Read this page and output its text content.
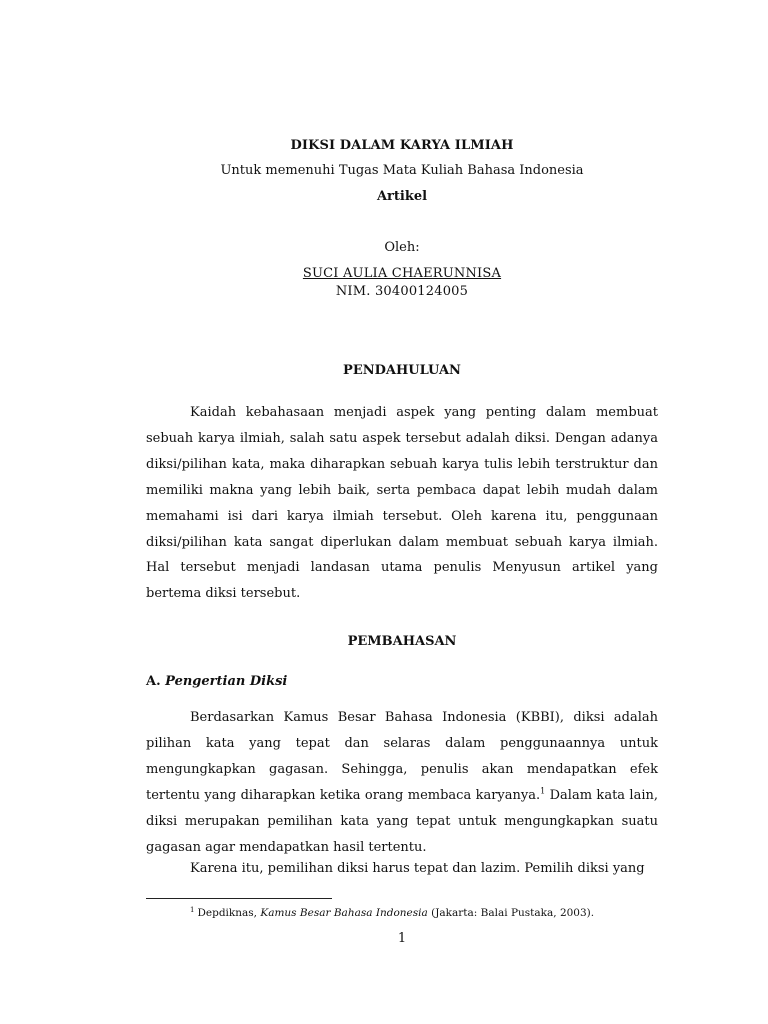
DIKSI DALAM KARYA ILMIAH
Untuk memenuhi Tugas Mata Kuliah Bahasa Indonesia
Artikel
Oleh:
SUCI AULIA CHAERUNNISA
NIM. 30400124005
PENDAHULUAN

Kaidah kebahasaan menjadi aspek yang penting dalam membuat sebuah karya ilmiah, salah satu aspek tersebut adalah diksi. Dengan adanya diksi/pilihan kata, maka diharapkan sebuah karya tulis lebih terstruktur dan memiliki makna yang lebih baik, serta pembaca dapat lebih mudah dalam memahami isi dari karya ilmiah tersebut. Oleh karena itu, penggunaan diksi/pilihan kata sangat diperlukan dalam membuat sebuah karya ilmiah. Hal tersebut menjadi landasan utama penulis Menyusun artikel yang bertema diksi tersebut.

PEMBAHASAN
A. Pengertian Diksi

Berdasarkan Kamus Besar Bahasa Indonesia (KBBI), diksi adalah pilihan kata yang tepat dan selaras dalam penggunaannya untuk mengungkapkan gagasan. Sehingga, penulis akan mendapatkan efek tertentu yang diharapkan ketika orang membaca karyanya.$^1$ Dalam kata lain, diksi merupakan pemilihan kata yang tepat untuk mengungkapkan suatu gagasan agar mendapatkan hasil tertentu.

Karena itu, pemilihan diksi harus tepat dan lazim. Pemilih diksi yang

$^1$ Depdiknas, Kamus Besar Bahasa Indonesia (Jakarta: Balai Pustaka, 2003).
1
